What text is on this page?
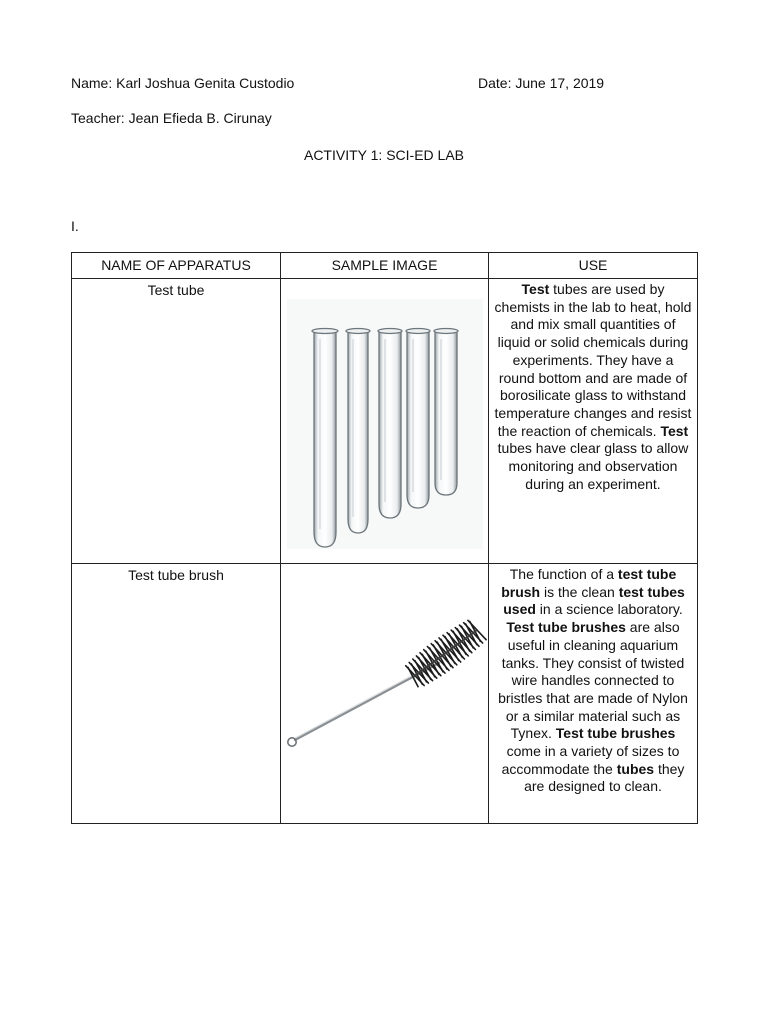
Name: Karl Joshua Genita Custodio	Date: June 17, 2019
Teacher: Jean Efieda B. Cirunay
ACTIVITY 1: SCI-ED LAB
I.
NAME OF APPARATUS	SAMPLE IMAGE	USE

Test tube		Test tubes are used by chemists in the lab to heat, hold and mix small quantities of liquid or solid chemicals during experiments. They have a round bottom and are made of borosilicate glass to withstand temperature changes and resist the reaction of chemicals. Test tubes have clear glass to allow monitoring and observation during an experiment.
Test tube brush		The function of a test tube brush is the clean test tubes used in a science laboratory. Test tube brushes are also useful in cleaning aquarium tanks. They consist of twisted wire handles connected to bristles that are made of Nylon or a similar material such as Tynex. Test tube brushes come in a variety of sizes to accommodate the tubes they are designed to clean.
